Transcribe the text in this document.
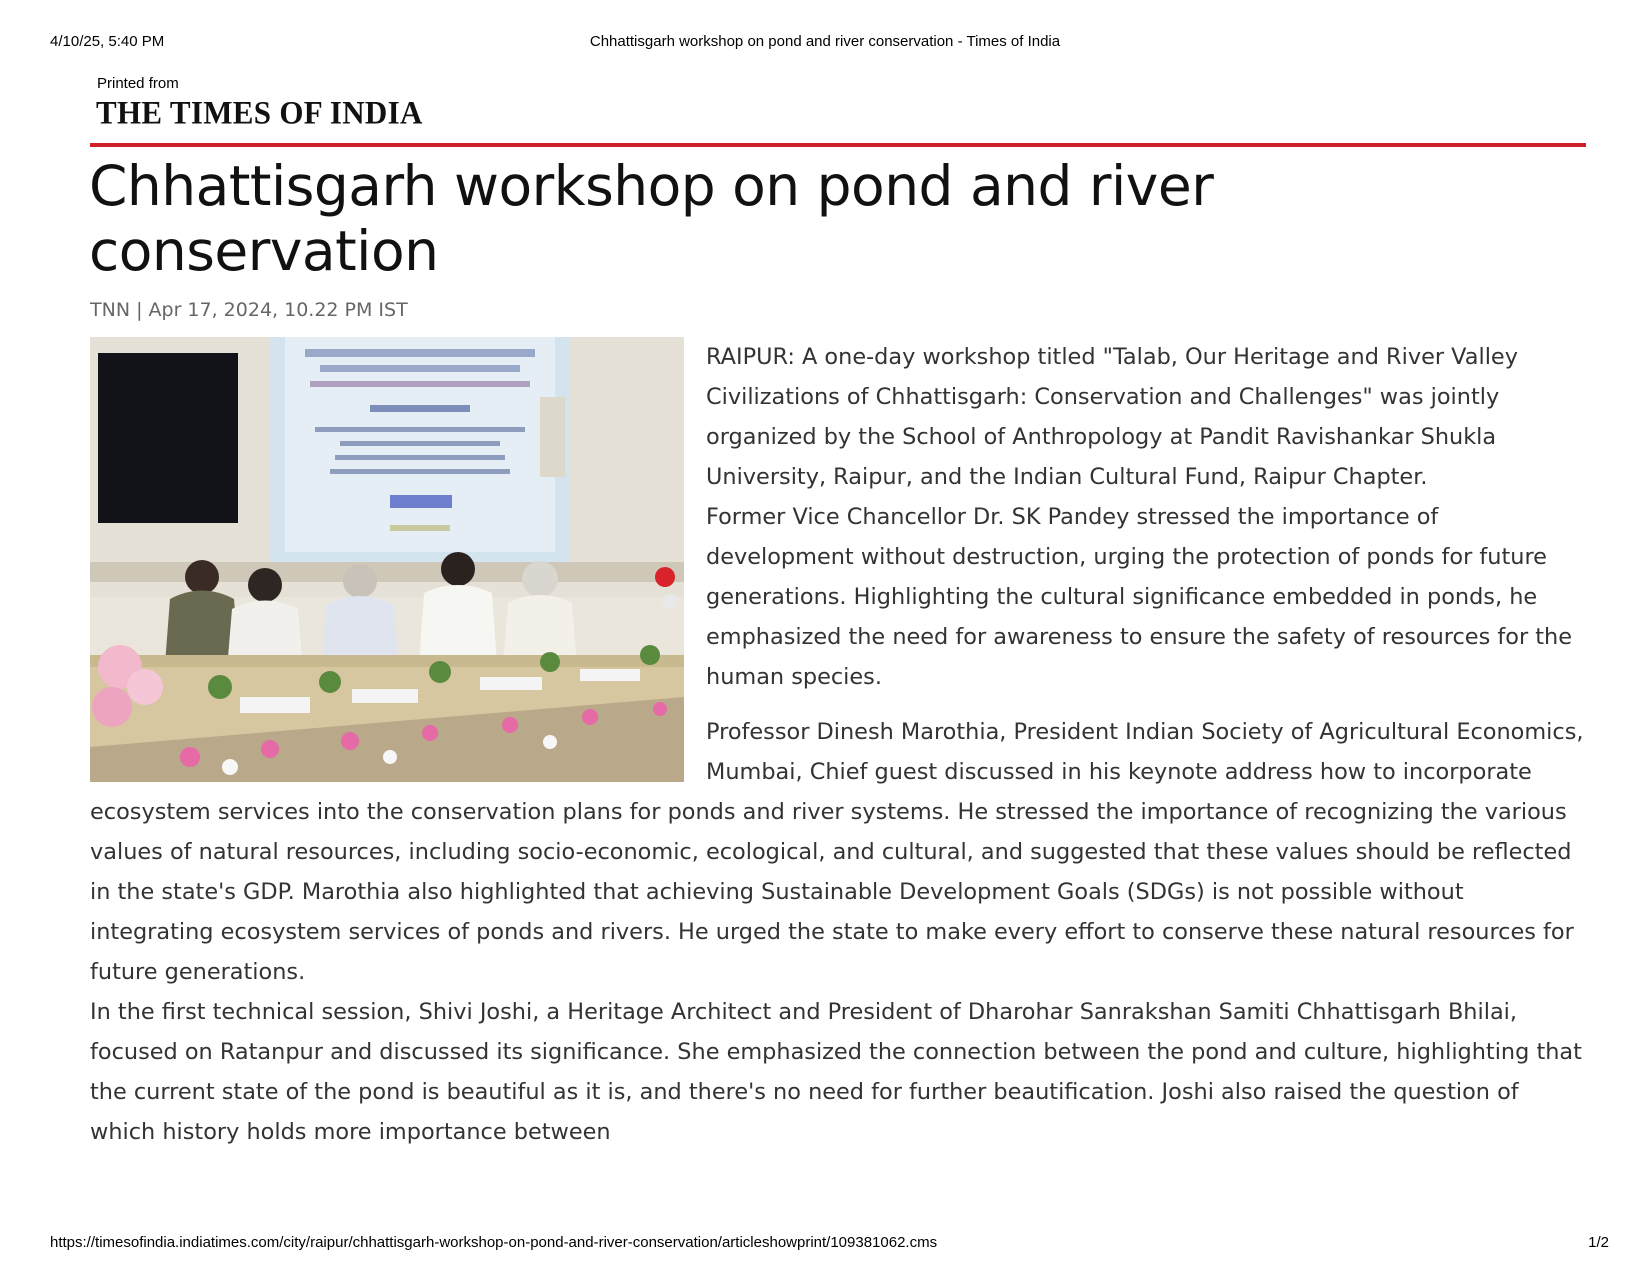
4/10/25, 5:40 PM	Chhattisgarh workshop on pond and river conservation - Times of India
Printed from
THE TIMES OF INDIA
Chhattisgarh workshop on pond and river conservation
TNN | Apr 17, 2024, 10.22 PM IST

RAIPUR: A one-day workshop titled "Talab, Our Heritage and River Valley Civilizations of Chhattisgarh: Conservation and Challenges" was jointly organized by the School of Anthropology at Pandit Ravishankar Shukla University, Raipur, and the Indian Cultural Fund, Raipur Chapter.

Former Vice Chancellor Dr. SK Pandey stressed the importance of development without destruction, urging the protection of ponds for future generations. Highlighting the cultural significance embedded in ponds, he emphasized the need for awareness to ensure the safety of resources for the human species.

Professor Dinesh Marothia, President Indian Society of Agricultural Economics, Mumbai, Chief guest discussed in his keynote address how to incorporate ecosystem services into the conservation plans for ponds and river systems. He stressed the importance of recognizing the various values of natural resources, including socio-economic, ecological, and cultural, and suggested that these values should be reflected in the state's GDP. Marothia also highlighted that achieving Sustainable Development Goals (SDGs) is not possible without integrating ecosystem services of ponds and rivers. He urged the state to make every effort to conserve these natural resources for future generations.

In the first technical session, Shivi Joshi, a Heritage Architect and President of Dharohar Sanrakshan Samiti Chhattisgarh Bhilai, focused on Ratanpur and discussed its significance. She emphasized the connection between the pond and culture, highlighting that the current state of the pond is beautiful as it is, and there's no need for further beautification. Joshi also raised the question of which history holds more importance between

https://timesofindia.indiatimes.com/city/raipur/chhattisgarh-workshop-on-pond-and-river-conservation/articleshowprint/109381062.cms	1/2
